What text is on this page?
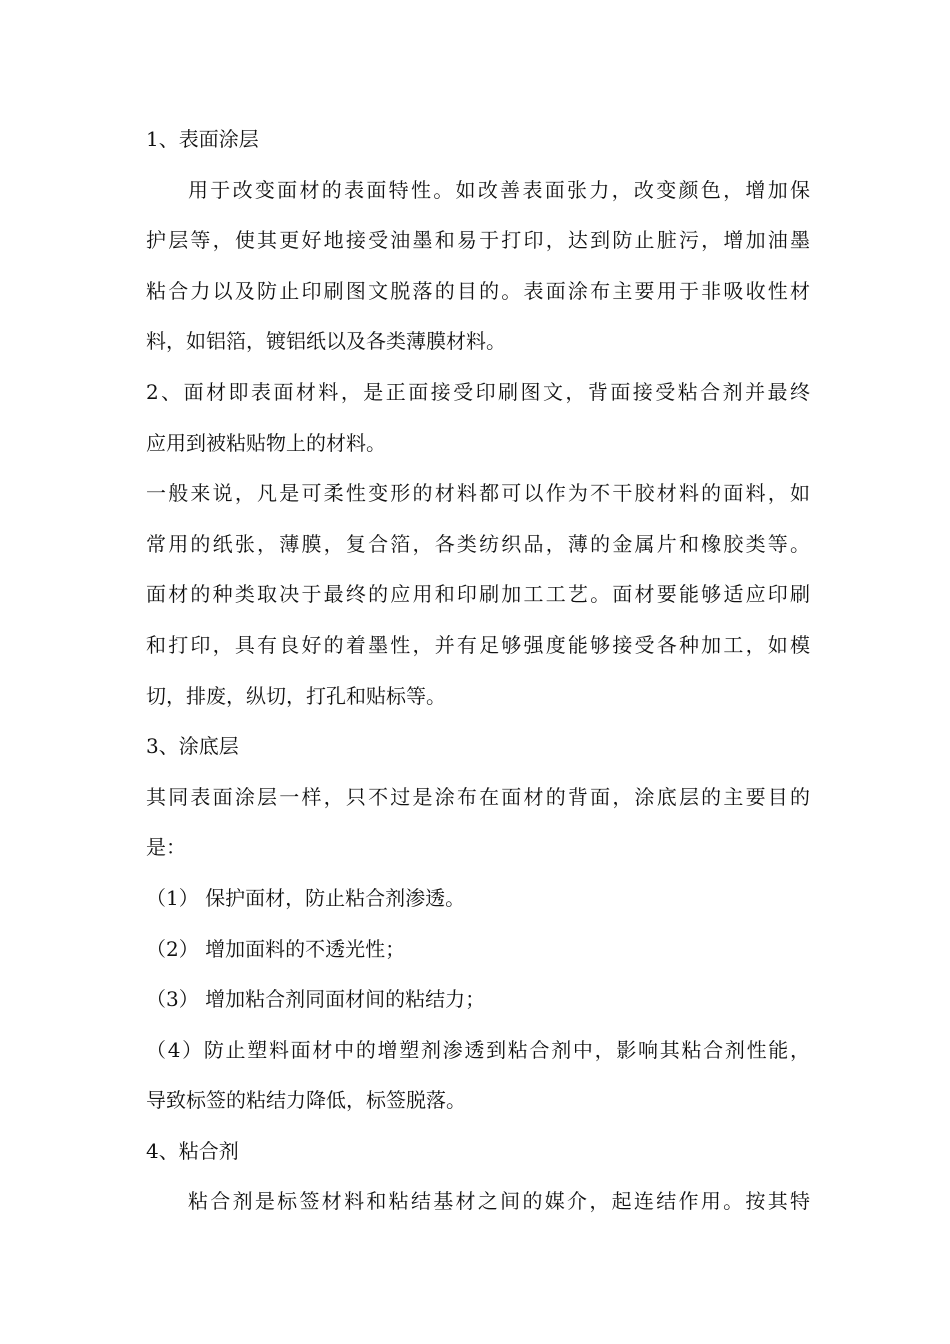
1、表面涂层
用于改变面材的表面特性。如改善表面张力，改变颜色，增加保
护层等，使其更好地接受油墨和易于打印，达到防止脏污，增加油墨
粘合力以及防止印刷图文脱落的目的。表面涂布主要用于非吸收性材
料，如铝箔，镀铝纸以及各类薄膜材料。
2、面材即表面材料，是正面接受印刷图文，背面接受粘合剂并最终
应用到被粘贴物上的材料。
一般来说，凡是可柔性变形的材料都可以作为不干胶材料的面料，如
常用的纸张，薄膜，复合箔，各类纺织品，薄的金属片和橡胶类等。
面材的种类取决于最终的应用和印刷加工工艺。面材要能够适应印刷
和打印，具有良好的着墨性，并有足够强度能够接受各种加工，如模
切，排废，纵切，打孔和贴标等。
3、涂底层
其同表面涂层一样，只不过是涂布在面材的背面，涂底层的主要目的
是：
（1） 保护面材，防止粘合剂渗透。
（2） 增加面料的不透光性；
（3） 增加粘合剂同面材间的粘结力；
（4）防止塑料面材中的增塑剂渗透到粘合剂中，影响其粘合剂性能，
导致标签的粘结力降低，标签脱落。
4、粘合剂
粘合剂是标签材料和粘结基材之间的媒介，起连结作用。按其特
